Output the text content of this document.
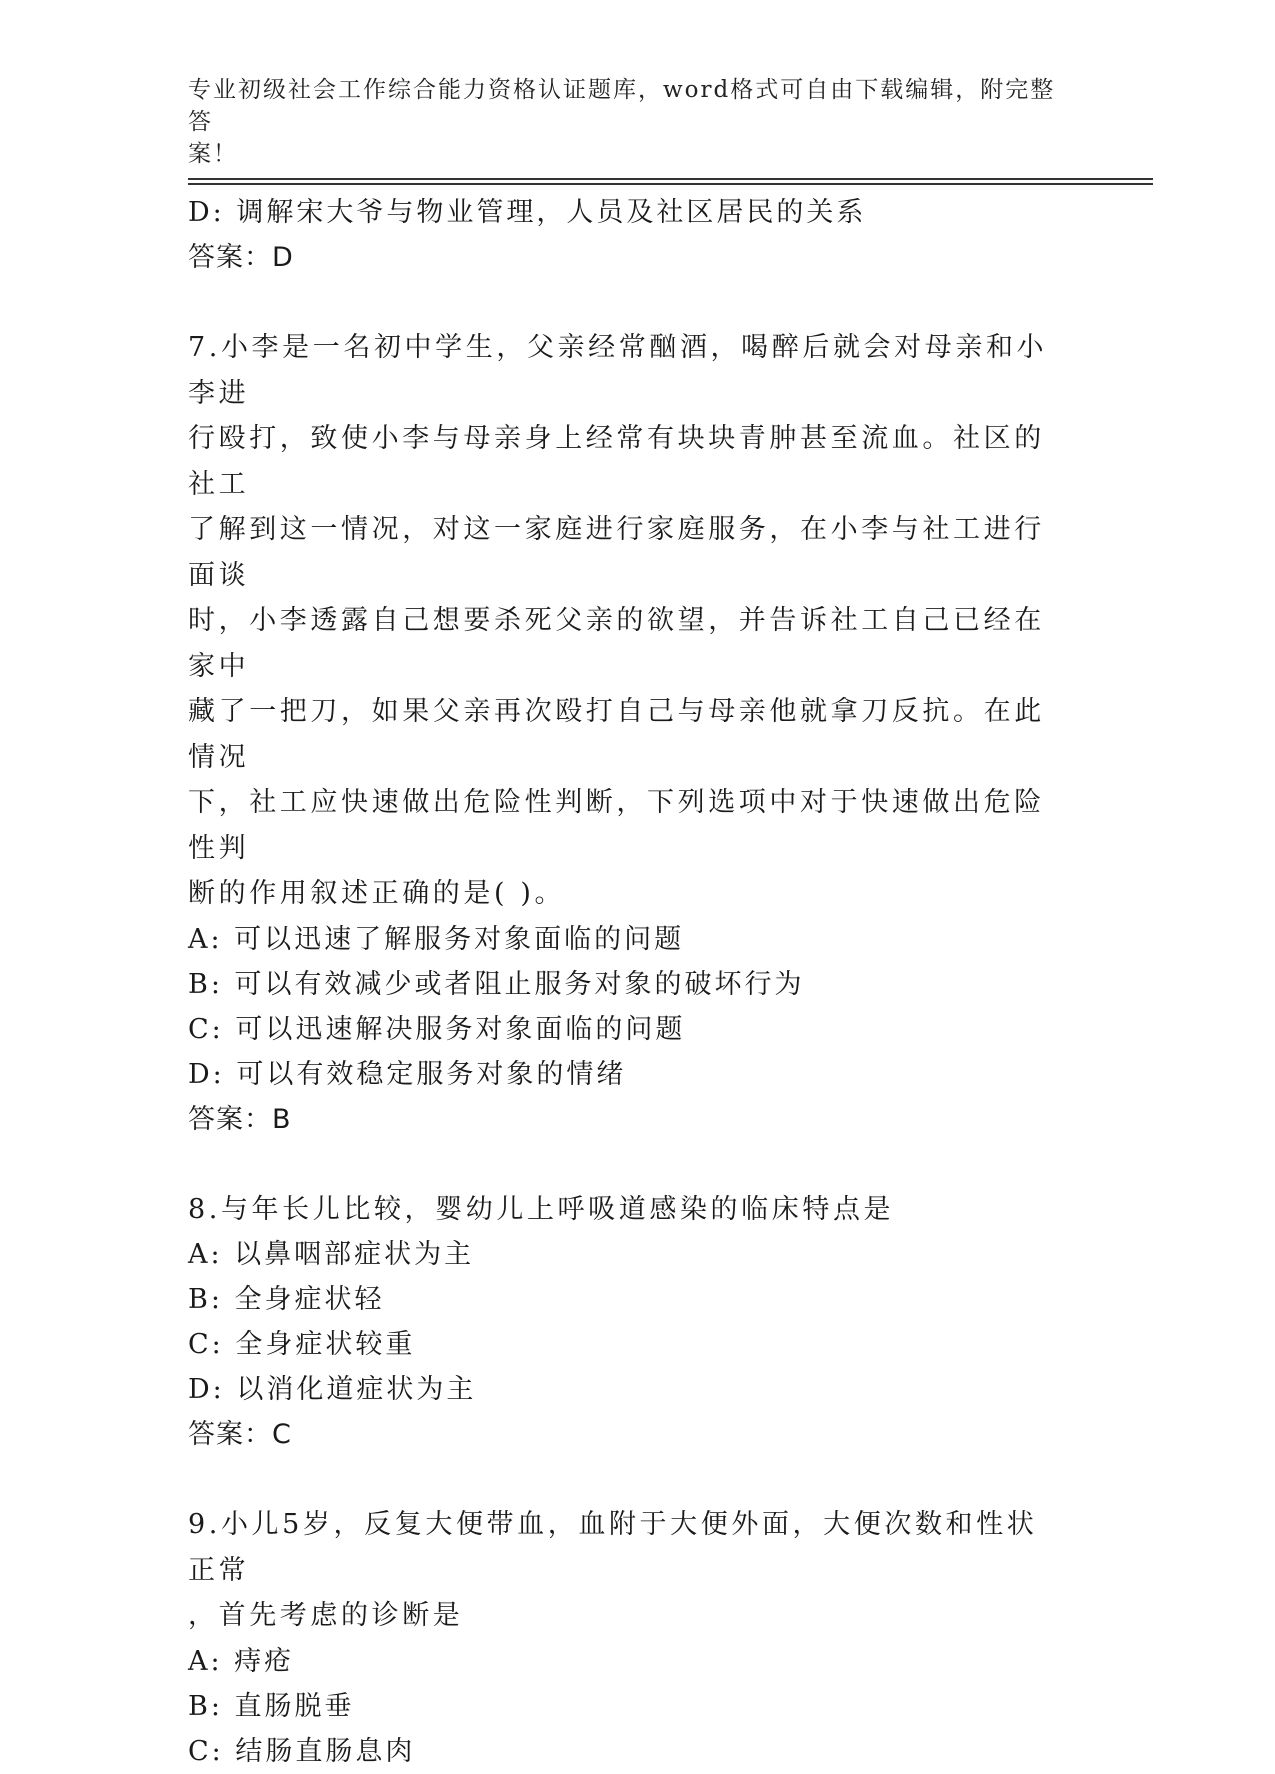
专业初级社会工作综合能力资格认证题库，word格式可自由下载编辑，附完整答
案！
D: 调解宋大爷与物业管理，人员及社区居民的关系
答案：D
7.小李是一名初中学生，父亲经常酗酒，喝醉后就会对母亲和小李进
行殴打，致使小李与母亲身上经常有块块青肿甚至流血。社区的社工
了解到这一情况，对这一家庭进行家庭服务，在小李与社工进行面谈
时，小李透露自己想要杀死父亲的欲望，并告诉社工自己已经在家中
藏了一把刀，如果父亲再次殴打自己与母亲他就拿刀反抗。在此情况
下，社工应快速做出危险性判断，下列选项中对于快速做出危险性判
断的作用叙述正确的是( )。
A: 可以迅速了解服务对象面临的问题
B: 可以有效减少或者阻止服务对象的破坏行为
C: 可以迅速解决服务对象面临的问题
D: 可以有效稳定服务对象的情绪
答案：B
8.与年长儿比较，婴幼儿上呼吸道感染的临床特点是
A: 以鼻咽部症状为主
B: 全身症状轻
C: 全身症状较重
D: 以消化道症状为主
答案：C
9.小儿5岁，反复大便带血，血附于大便外面，大便次数和性状正常
，首先考虑的诊断是
A: 痔疮
B: 直肠脱垂
C: 结肠直肠息肉
